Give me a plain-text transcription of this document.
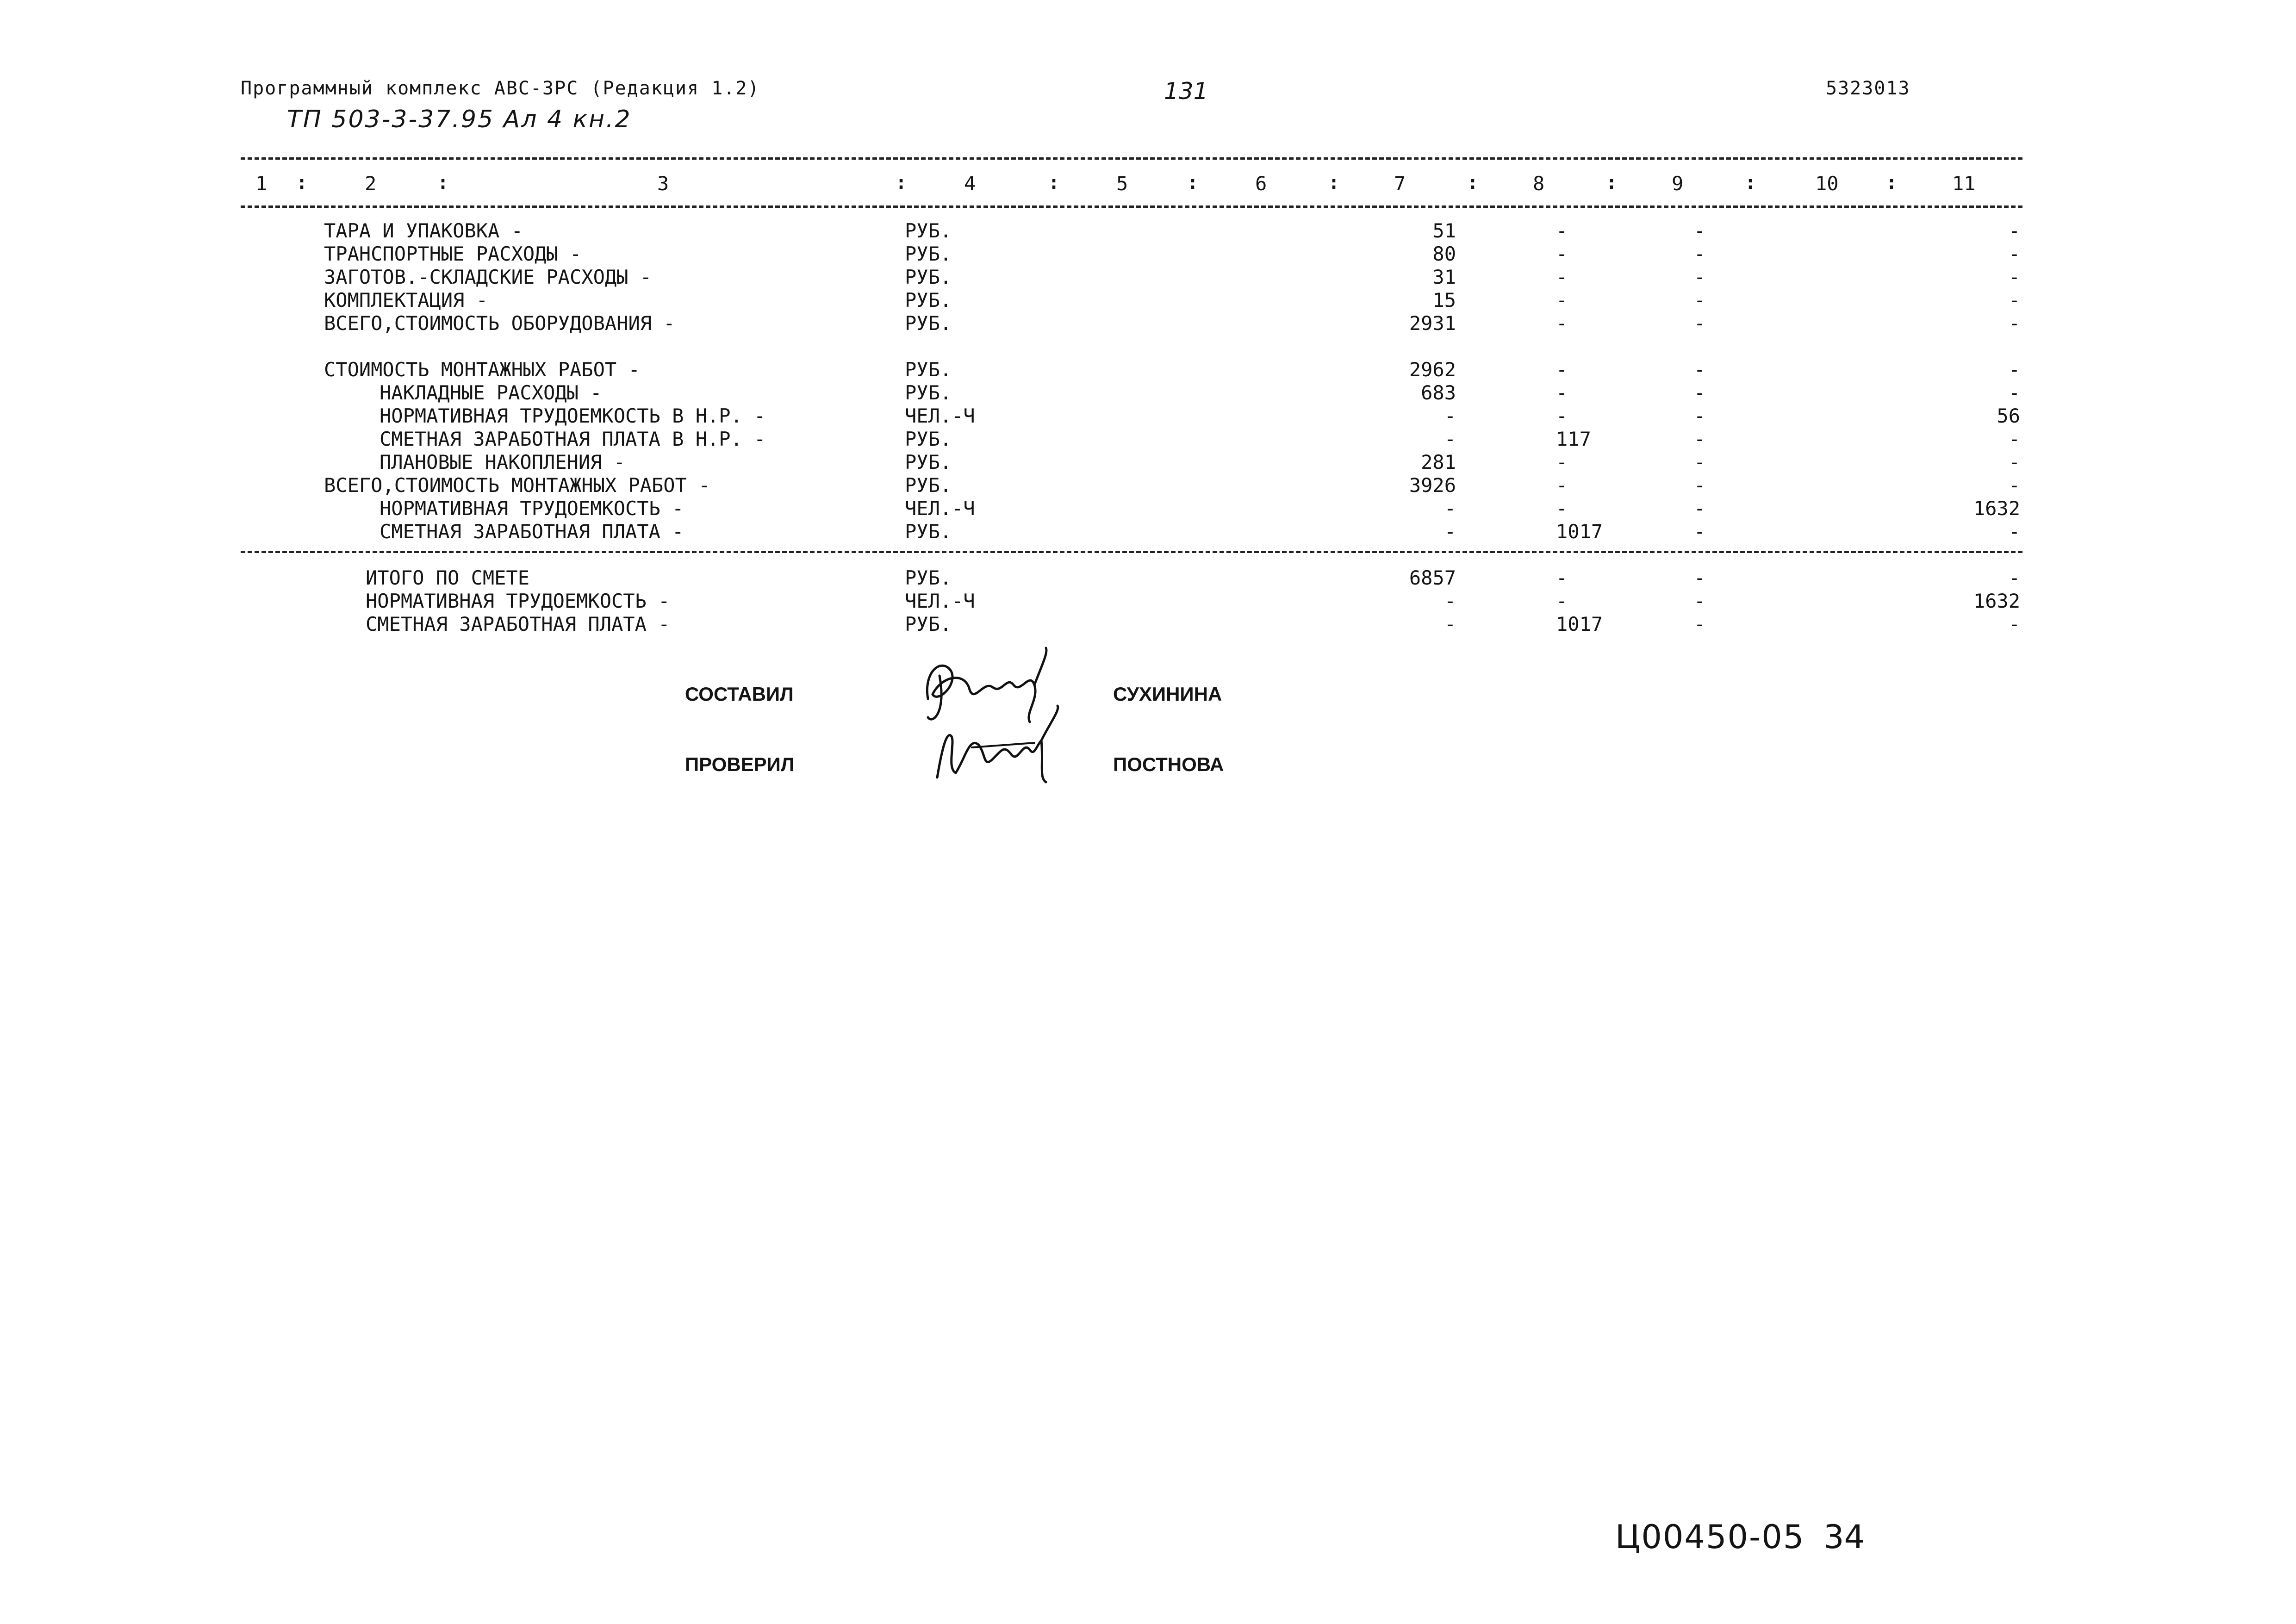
Программный комплекс АВС-3РС (Редакция 1.2)
ТП 503-3-37.95 Ал 4 кн.2
131	5323013
1	2	3	4	5	6	7	8	9	10	11
:	:	:	:	:	:	:	:	:	:
ТАРА И УПАКОВКА -	РУБ.	51	-	-	-
ТРАНСПОРТНЫЕ РАСХОДЫ -	РУБ.	80	-	-	-
ЗАГОТОВ.-СКЛАДСКИЕ РАСХОДЫ -	РУБ.	31	-	-	-
КОМПЛЕКТАЦИЯ -	РУБ.	15	-	-	-
ВСЕГО,СТОИМОСТЬ ОБОРУДОВАНИЯ -	РУБ.	2931	-	-	-
СТОИМОСТЬ МОНТАЖНЫХ РАБОТ -	РУБ.	2962	-	-	-
НАКЛАДНЫЕ РАСХОДЫ -	РУБ.	683	-	-	-
НОРМАТИВНАЯ ТРУДОЕМКОСТЬ В Н.Р. -	ЧЕЛ.-Ч	-	-	-	56
СМЕТНАЯ ЗАРАБОТНАЯ ПЛАТА В Н.Р. -	РУБ.	-	117	-	-
ПЛАНОВЫЕ НАКОПЛЕНИЯ -	РУБ.	281	-	-	-
ВСЕГО,СТОИМОСТЬ МОНТАЖНЫХ РАБОТ -	РУБ.	3926	-	-	-
НОРМАТИВНАЯ ТРУДОЕМКОСТЬ -	ЧЕЛ.-Ч	-	-	-	1632
СМЕТНАЯ ЗАРАБОТНАЯ ПЛАТА -	РУБ.	-	1017	-	-
ИТОГО ПО СМЕТЕ	РУБ.	6857	-	-	-
НОРМАТИВНАЯ ТРУДОЕМКОСТЬ -	ЧЕЛ.-Ч	-	-	-	1632
СМЕТНАЯ ЗАРАБОТНАЯ ПЛАТА -	РУБ.	-	1017	-	-
СОСТАВИЛ	СУХИНИНА
ПРОВЕРИЛ	ПОСТНОВА
Ц00450-05 34
